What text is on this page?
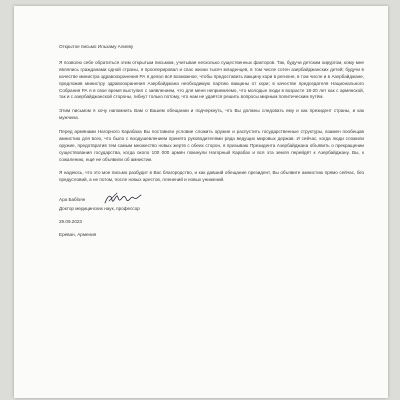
Открытое письмо Ильхаму Алиеву

Я позволю себе обратиться этим открытым письмом, учитывая несколько существенных факторов. Так, будучи детским хирургом, кому мне являлись гражданами одной страны, я прооперировал и спас жизни тысяч младенцев, в том числе сотен азербайджанских детей; будучи в качестве министра здравоохранения РА я делал всё возможное, чтобы предоставить вакцину кори в регионе, в том числе и в Азербайджане, предложив министру здравоохранения Азербайджана необходимую партию вакцины от кори; в качестве председателя Национального Собрания РА я в свое время выступил с заявлением, что для меня неприемлемо, что молодые люди в возрасте 18-20 лет как с армянской, так и с азербайджанской стороны, гибнут только потому, что нам не удаётся решить вопросы мирным политическим путём.

Этим письмом я хочу напомнить Вам о Вашем обещании и подчеркнуть, что Вы должны следовать ему и как президент страны, и как мужчина.

Перед армянами Нагорного Карабаха Вы поставили условие сложить оружие и распустить государственные структуры, взамен пообещав амнистию для всех, что было с воодушевлением принято руководителями ряда ведущих мировых держав. И сейчас, когда люди сложили оружие, предотвратив тем самым множество новых жертв с обеих сторон, я призываю Президента Азербайджана объявить о прекращении существования государства, когда около 100 000 армян покинули Нагорный Карабах и вся эта земля перейдёт к Азербайджану. Вы, к сожалению, ещё не объявили об амнистии.

Я надеюсь, что это мое письмо разбудит в Вас благородство, и как давший обещание президент, Вы объявите амнистию прямо сейчас, без предусловий, а не потом, после новых арестов, пленений и новых унижений.

Ара Бабloян
Доктор медицинских наук, профессор
29.09.2023
Ереван, Армения
